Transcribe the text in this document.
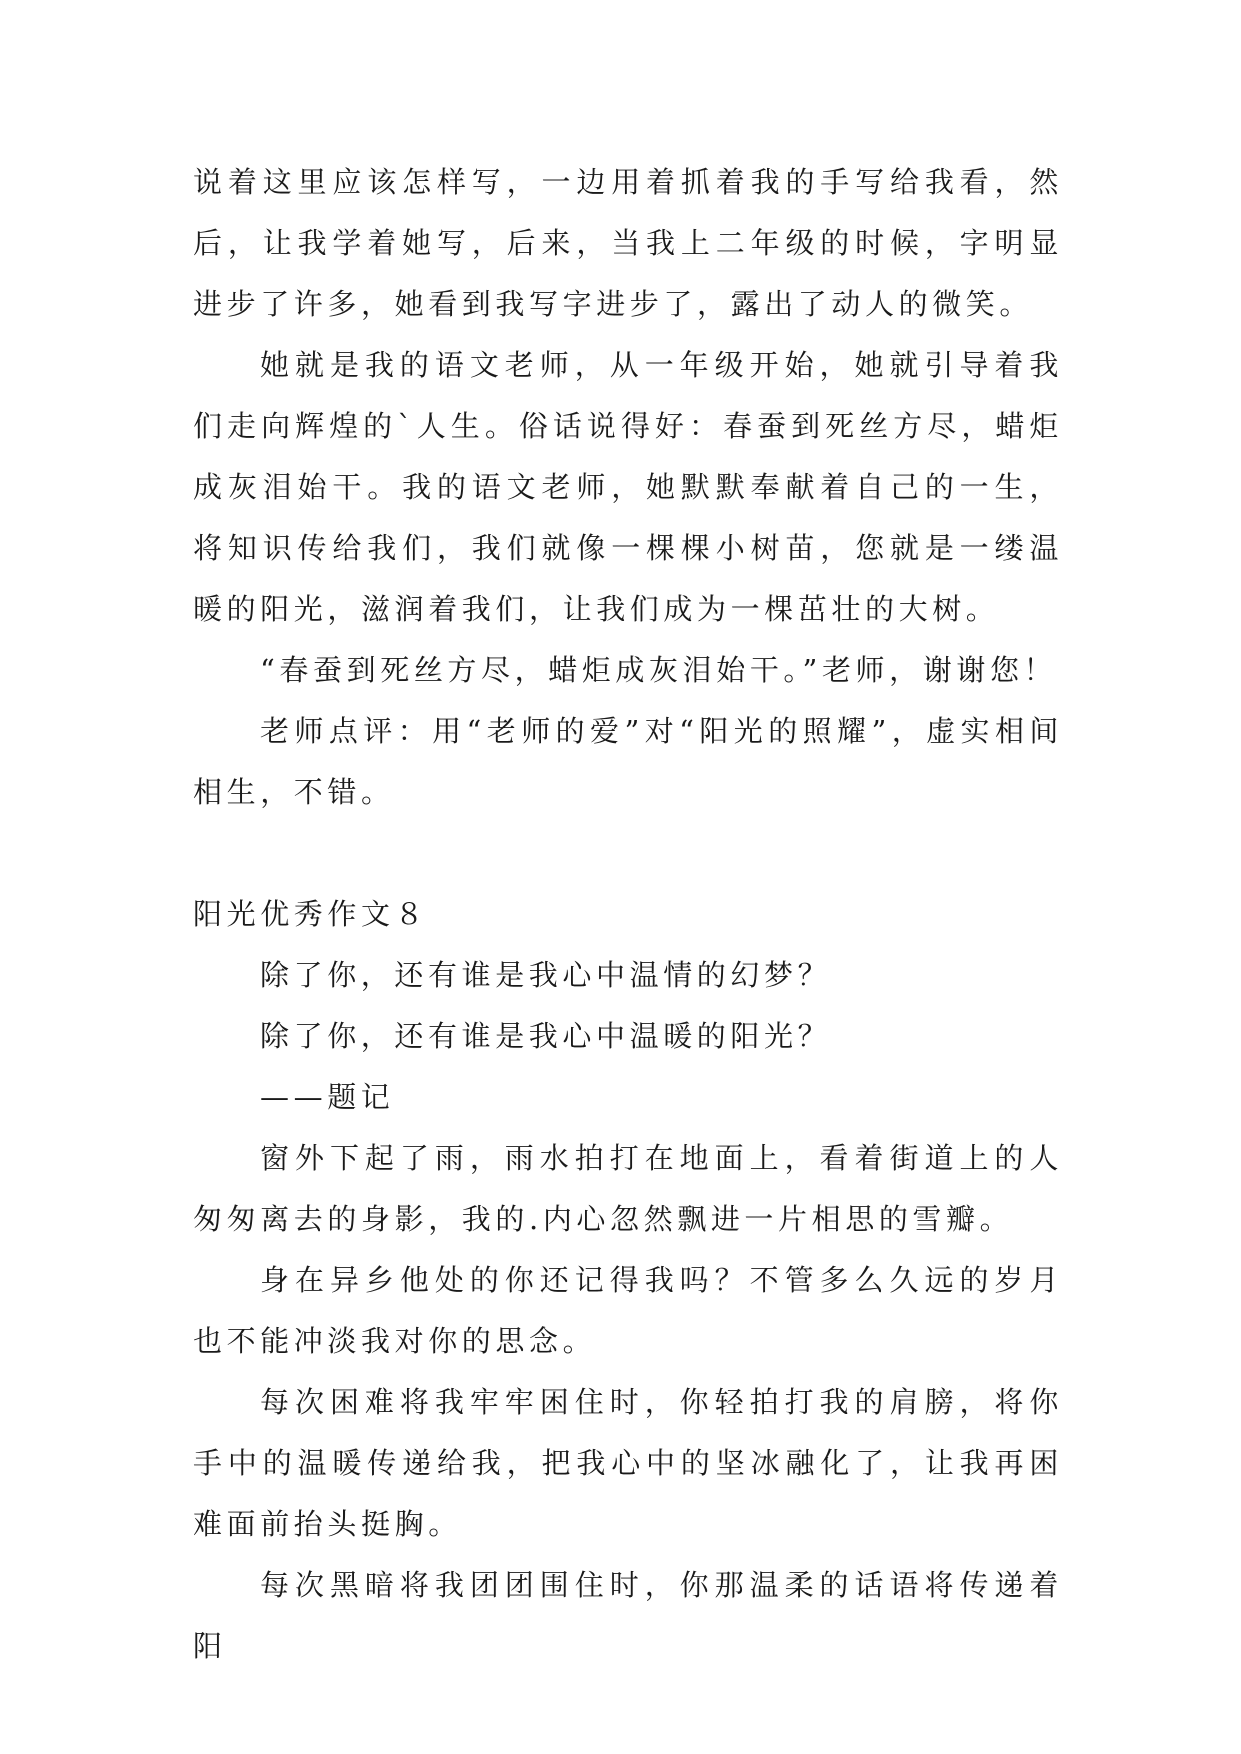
说着这里应该怎样写，一边用着抓着我的手写给我看，然后，让我学着她写，后来，当我上二年级的时候，字明显进步了许多，她看到我写字进步了，露出了动人的微笑。

她就是我的语文老师，从一年级开始，她就引导着我们走向辉煌的`人生。俗话说得好：春蚕到死丝方尽，蜡炬成灰泪始干。我的语文老师，她默默奉献着自己的一生，将知识传给我们，我们就像一棵棵小树苗，您就是一缕温暖的阳光，滋润着我们，让我们成为一棵茁壮的大树。

“春蚕到死丝方尽，蜡炬成灰泪始干。”老师，谢谢您！

老师点评：用“老师的爱”对“阳光的照耀”，虚实相间相生，不错。

阳光优秀作文８

除了你，还有谁是我心中温情的幻梦？

除了你，还有谁是我心中温暖的阳光？

——题记

窗外下起了雨，雨水拍打在地面上，看着街道上的人匆匆离去的身影，我的.内心忽然飘进一片相思的雪瓣。

身在异乡他处的你还记得我吗？不管多么久远的岁月也不能冲淡我对你的思念。

每次困难将我牢牢困住时，你轻拍打我的肩膀，将你手中的温暖传递给我，把我心中的坚冰融化了，让我再困难面前抬头挺胸。

每次黑暗将我团团围住时，你那温柔的话语将传递着阳
